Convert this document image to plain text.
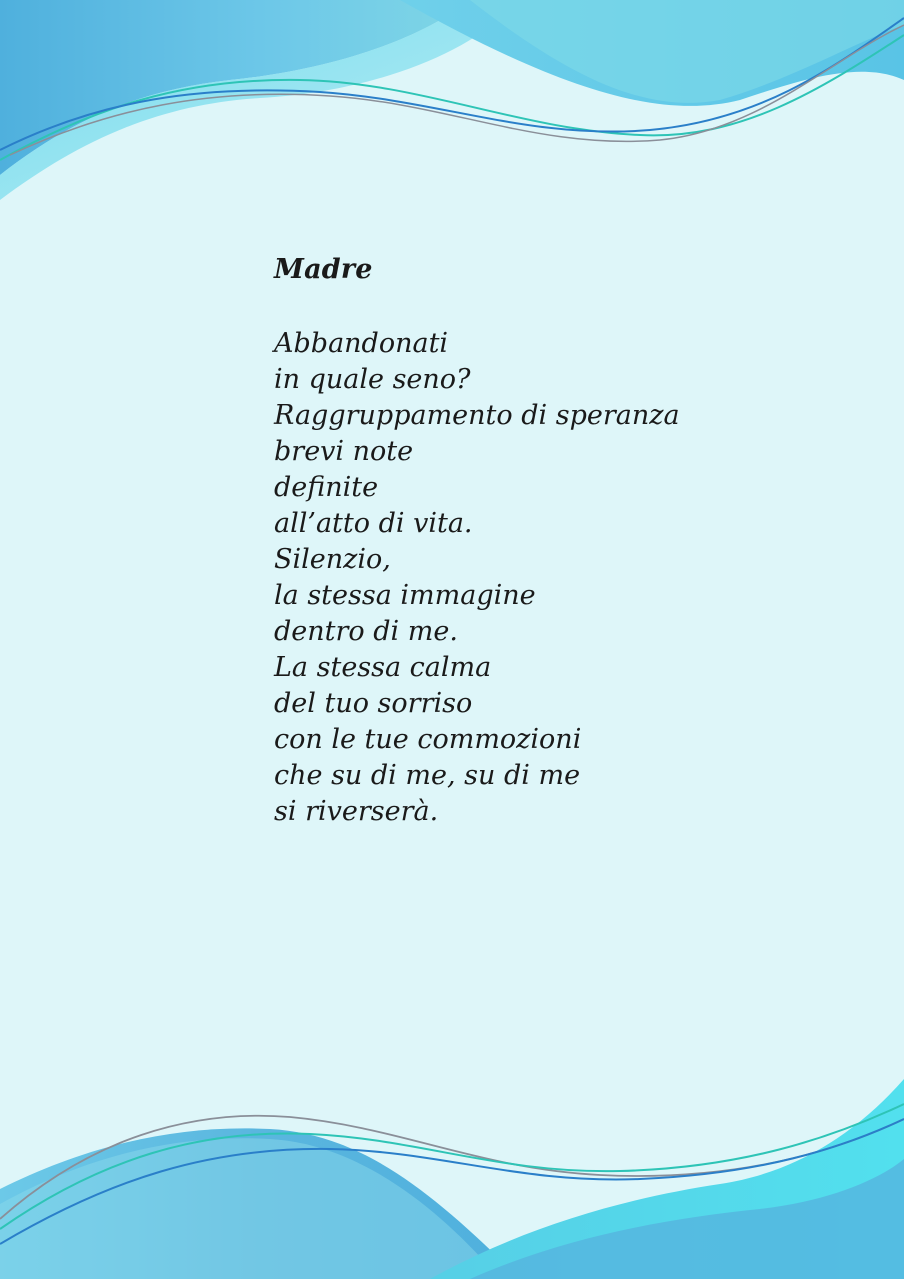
Madre
Abbandonati
in quale seno?
Raggruppamento di speranza
brevi note
definite
all’atto di vita.
Silenzio,
la stessa immagine
dentro di me.
La stessa calma
del tuo sorriso
con le tue commozioni
che su di me, su di me
si riverserà.
